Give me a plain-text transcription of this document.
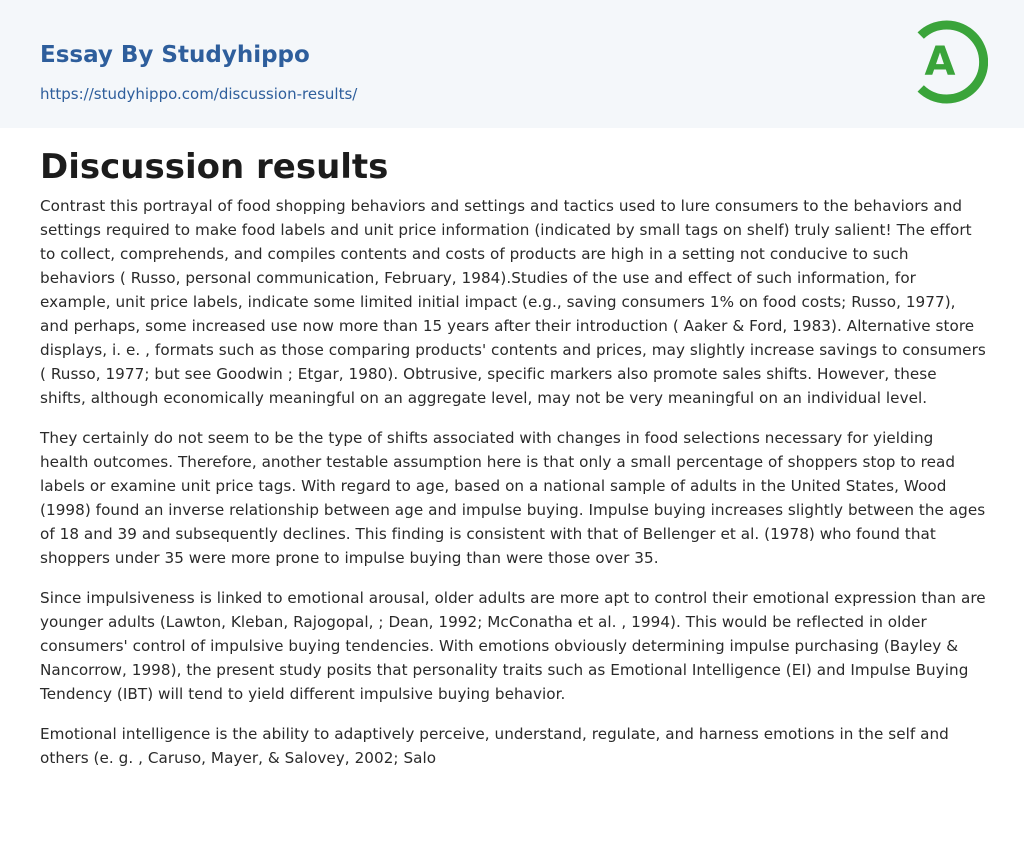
Essay By Studyhippo
https://studyhippo.com/discussion-results/
A
Discussion results

Contrast this portrayal of food shopping behaviors and settings and tactics used to lure consumers to the behaviors and settings required to make food labels and unit price information (indicated by small tags on shelf) truly salient! The effort to collect, comprehends, and compiles contents and costs of products are high in a setting not conducive to such behaviors ( Russo, personal communication, February, 1984).Studies of the use and effect of such information, for example, unit price labels, indicate some limited initial impact (e.g., saving consumers 1% on food costs; Russo, 1977), and perhaps, some increased use now more than 15 years after their introduction ( Aaker & Ford, 1983). Alternative store displays, i. e. , formats such as those comparing products' contents and prices, may slightly increase savings to consumers ( Russo, 1977; but see Goodwin ; Etgar, 1980). Obtrusive, specific markers also promote sales shifts. However, these shifts, although economically meaningful on an aggregate level, may not be very meaningful on an individual level.

They certainly do not seem to be the type of shifts associated with changes in food selections necessary for yielding health outcomes. Therefore, another testable assumption here is that only a small percentage of shoppers stop to read labels or examine unit price tags. With regard to age, based on a national sample of adults in the United States, Wood (1998) found an inverse relationship between age and impulse buying. Impulse buying increases slightly between the ages of 18 and 39 and subsequently declines. This finding is consistent with that of Bellenger et al. (1978) who found that shoppers under 35 were more prone to impulse buying than were those over 35.

Since impulsiveness is linked to emotional arousal, older adults are more apt to control their emotional expression than are younger adults (Lawton, Kleban, Rajogopal, ; Dean, 1992; McConatha et al. , 1994). This would be reflected in older consumers' control of impulsive buying tendencies. With emotions obviously determining impulse purchasing (Bayley & Nancorrow, 1998), the present study posits that personality traits such as Emotional Intelligence (EI) and Impulse Buying Tendency (IBT) will tend to yield different impulsive buying behavior.

Emotional intelligence is the ability to adaptively perceive, understand, regulate, and harness emotions in the self and others (e. g. , Caruso, Mayer, & Salovey, 2002; Salo
